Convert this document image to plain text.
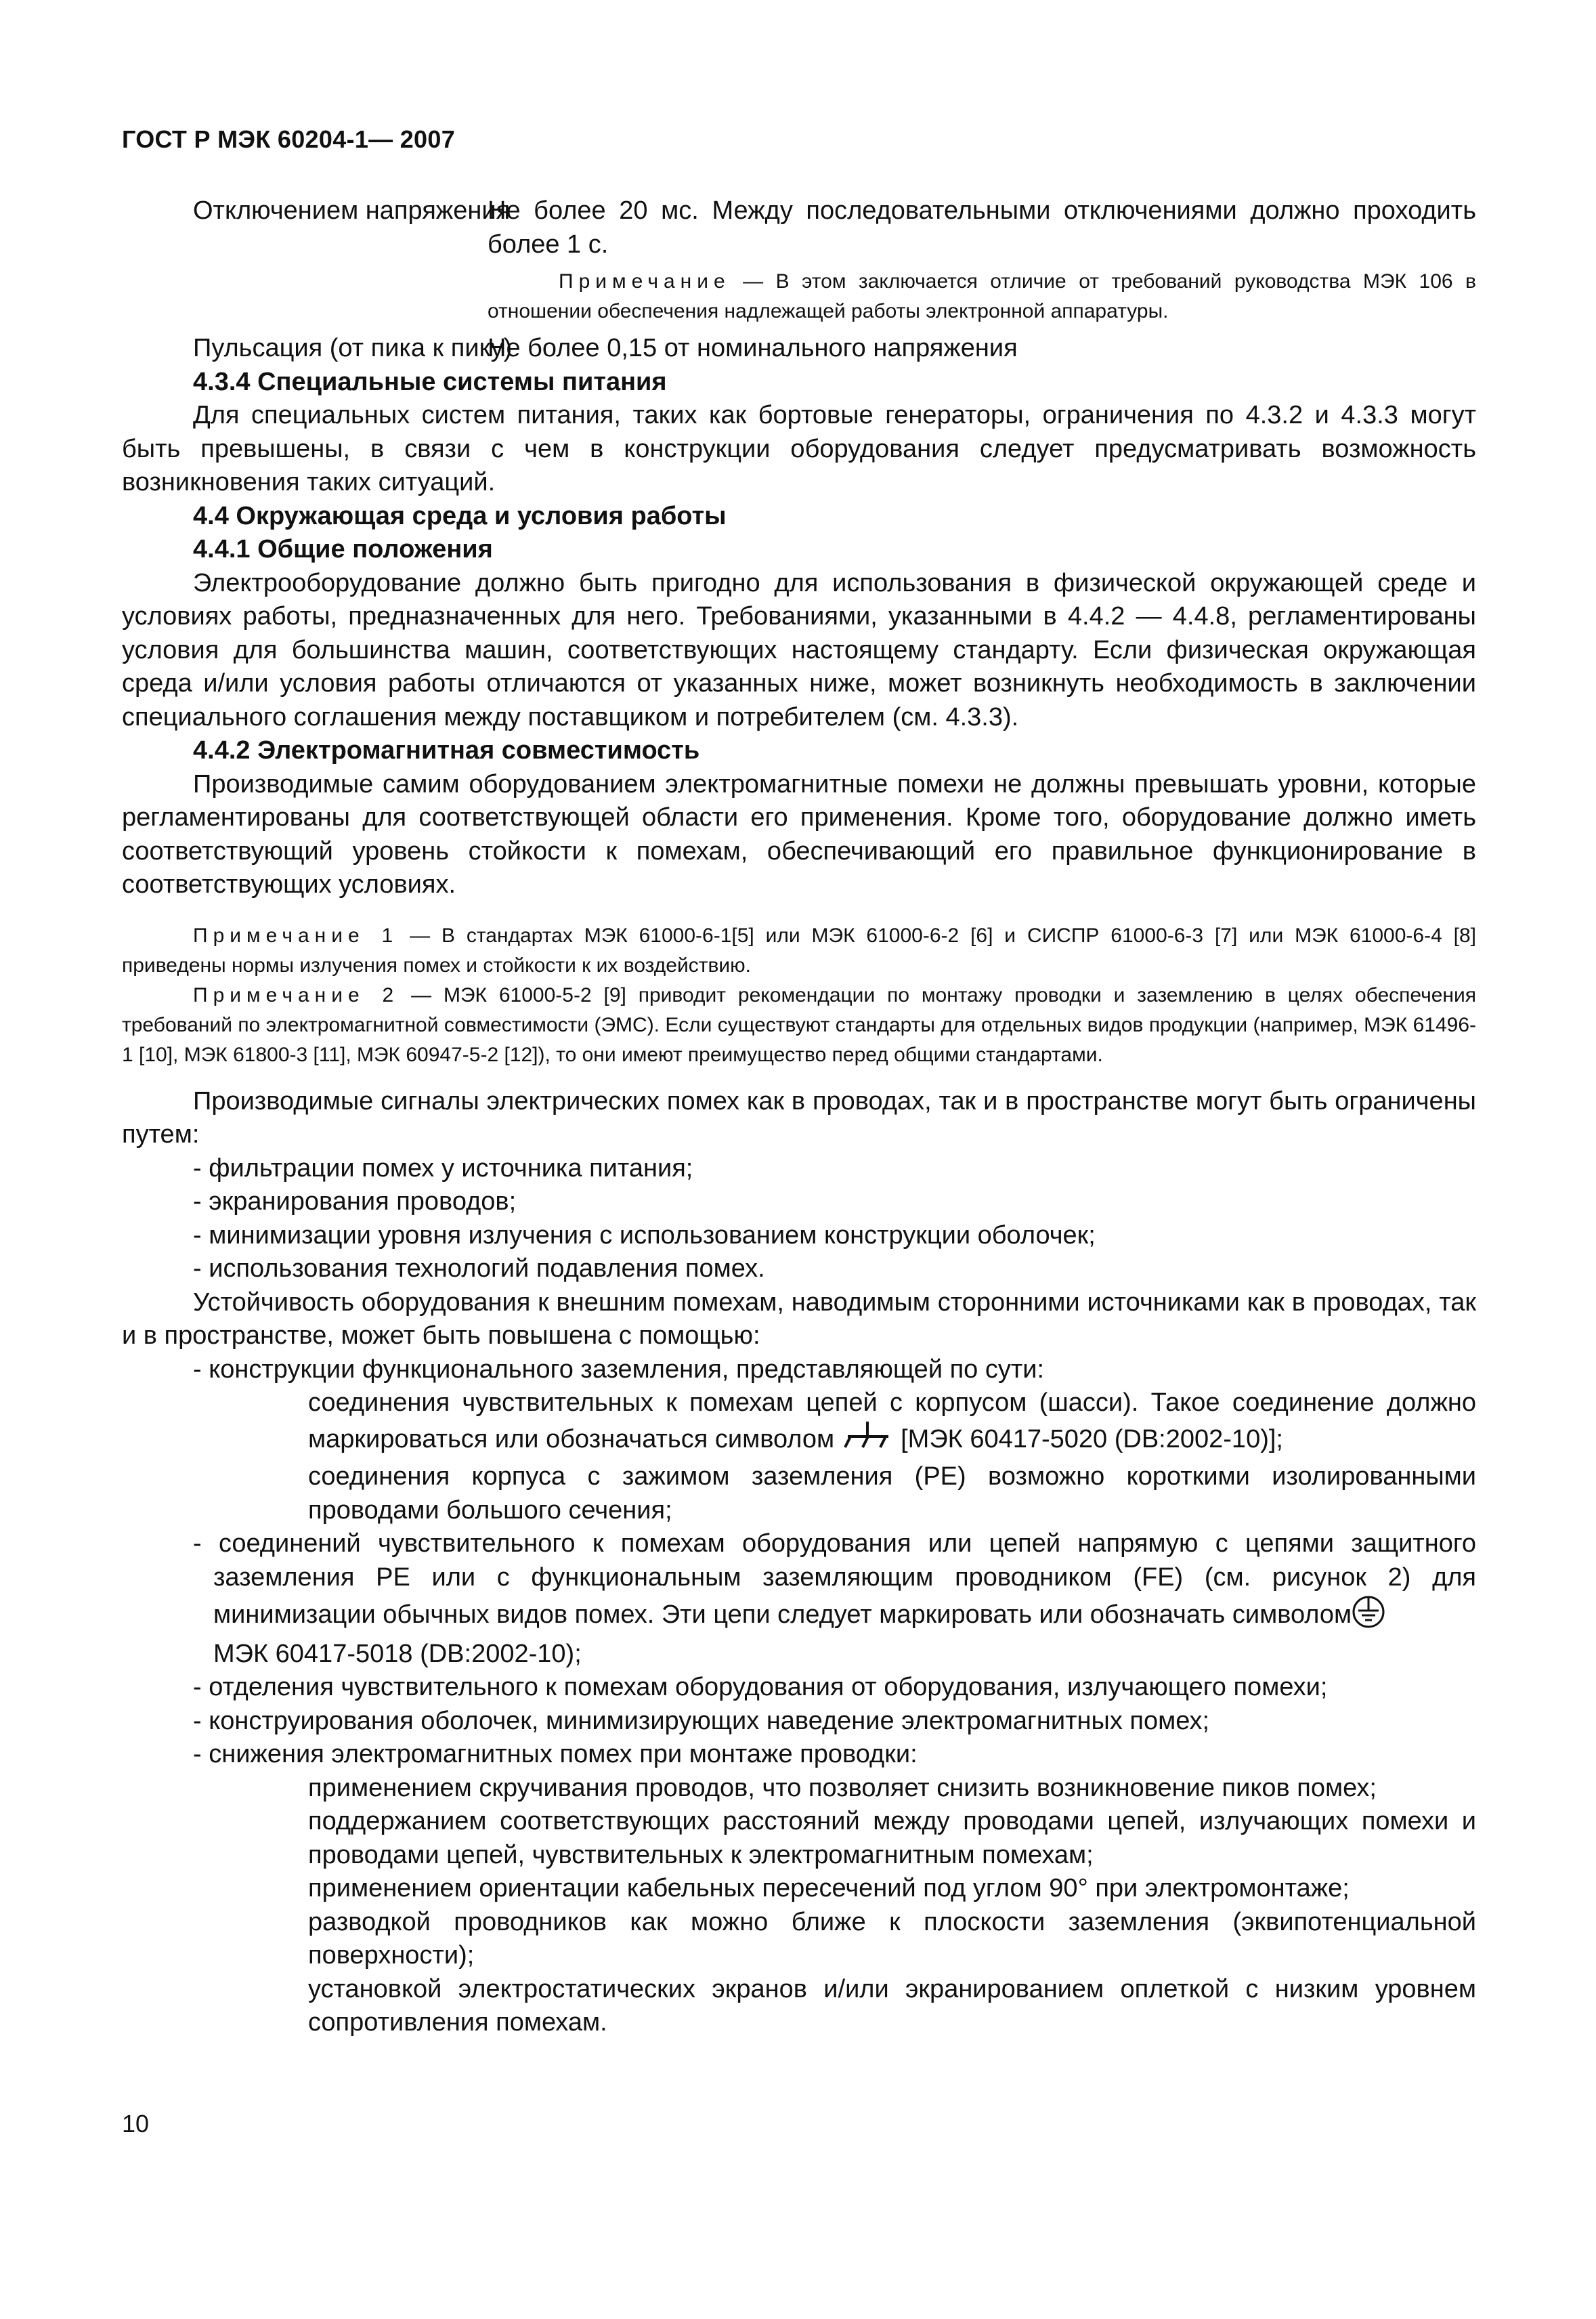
ГОСТ Р МЭК 60204-1— 2007
Отключением напряжения

Не более 20 мс. Между последовательными отключениями должно проходить более 1 с.

Примечание — В этом заключается отличие от требований руководства МЭК 106 в отношении обеспечения надлежащей работы электронной аппаратуры.

Пульсация (от пика к пику)
Не более 0,15 от номинального напряжения

4.3.4 Специальные системы питания

Для специальных систем питания, таких как бортовые генераторы, ограничения по 4.3.2 и 4.3.3 могут быть превышены, в связи с чем в конструкции оборудования следует предусматривать возможность возникновения таких ситуаций.

4.4 Окружающая среда и условия работы

4.4.1 Общие положения

Электрооборудование должно быть пригодно для использования в физической окружающей среде и условиях работы, предназначенных для него. Требованиями, указанными в 4.4.2 — 4.4.8, регламентированы условия для большинства машин, соответствующих настоящему стандарту. Если физическая окружающая среда и/или условия работы отличаются от указанных ниже, может возникнуть необходимость в заключении специального соглашения между поставщиком и потребителем (см. 4.3.3).

4.4.2 Электромагнитная совместимость

Производимые самим оборудованием электромагнитные помехи не должны превышать уровни, которые регламентированы для соответствующей области его применения. Кроме того, оборудование должно иметь соответствующий уровень стойкости к помехам, обеспечивающий его правильное функционирование в соответствующих условиях.

Примечание 1 — В стандартах МЭК 61000-6-1[5] или МЭК 61000-6-2 [6] и СИСПР 61000-6-3 [7] или МЭК 61000-6-4 [8] приведены нормы излучения помех и стойкости к их воздействию.

Примечание 2 — МЭК 61000-5-2 [9] приводит рекомендации по монтажу проводки и заземлению в целях обеспечения требований по электромагнитной совместимости (ЭМС). Если существуют стандарты для отдельных видов продукции (например, МЭК 61496-1 [10], МЭК 61800-3 [11], МЭК 60947-5-2 [12]), то они имеют преимущество перед общими стандартами.

Производимые сигналы электрических помех как в проводах, так и в пространстве могут быть ограничены путем:

- фильтрации помех у источника питания;

- экранирования проводов;

- минимизации уровня излучения с использованием конструкции оболочек;

- использования технологий подавления помех.

Устойчивость оборудования к внешним помехам, наводимым сторонними источниками как в проводах, так и в пространстве, может быть повышена с помощью:

- конструкции функционального заземления, представляющей по сути:

соединения чувствительных к помехам цепей с корпусом (шасси). Такое соединение должно маркироваться или обозначаться символом	[МЭК 60417-5020 (DB:2002-10)];

соединения корпуса с зажимом заземления (PE) возможно короткими изолированными проводами большого сечения;

- соединений чувствительного к помехам оборудования или цепей напрямую с цепями защитного заземления PE или с функциональным заземляющим проводником (FE) (см. рисунок 2) для минимизации обычных видов помех. Эти цепи следует маркировать или обозначать символом
МЭК 60417-5018 (DB:2002-10);

- отделения чувствительного к помехам оборудования от оборудования, излучающего помехи;

- конструирования оболочек, минимизирующих наведение электромагнитных помех;

- снижения электромагнитных помех при монтаже проводки:

применением скручивания проводов, что позволяет снизить возникновение пиков помех;

поддержанием соответствующих расстояний между проводами цепей, излучающих помехи и проводами цепей, чувствительных к электромагнитным помехам;

применением ориентации кабельных пересечений под углом 90° при электромонтаже;

разводкой проводников как можно ближе к плоскости заземления (эквипотенциальной поверхности);

установкой электростатических экранов и/или экранированием оплеткой с низким уровнем сопротивления помехам.

10
